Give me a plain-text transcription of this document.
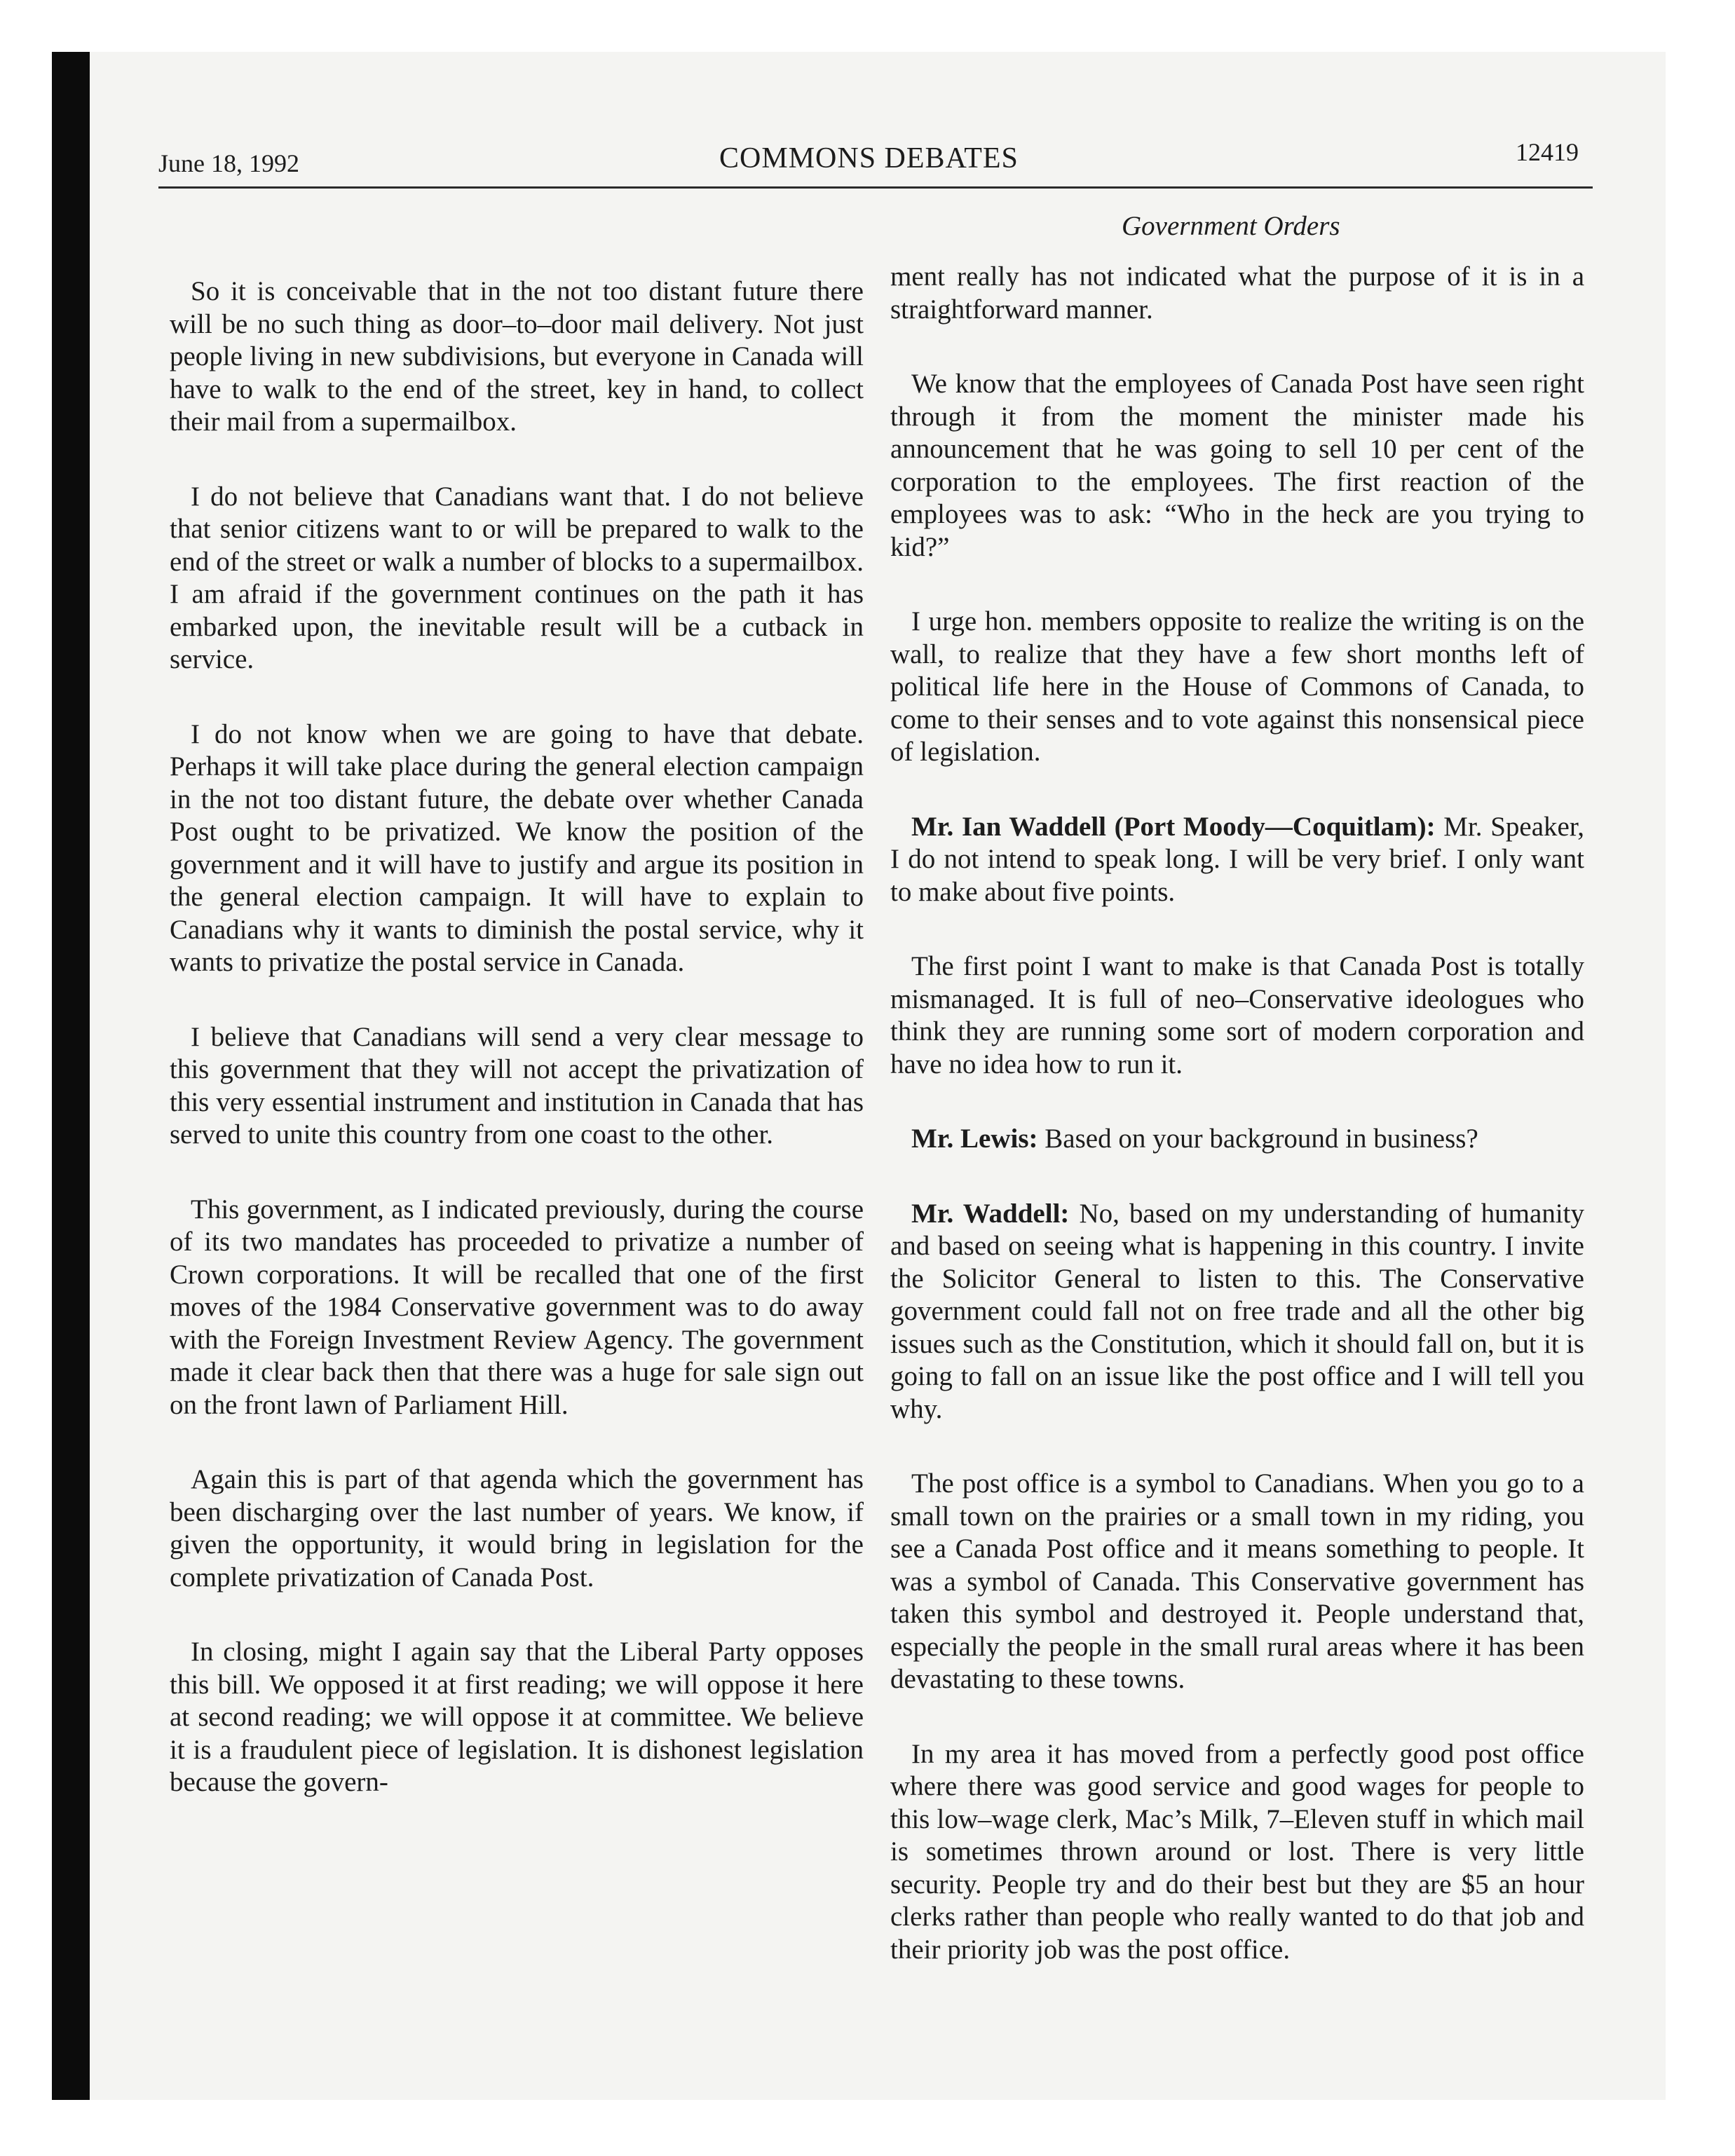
June 18, 1992	COMMONS DEBATES	12419
Government Orders

So it is conceivable that in the not too distant future there will be no such thing as door–to–door mail delivery. Not just people living in new subdivisions, but everyone in Canada will have to walk to the end of the street, key in hand, to collect their mail from a supermailbox.

I do not believe that Canadians want that. I do not believe that senior citizens want to or will be prepared to walk to the end of the street or walk a number of blocks to a supermailbox. I am afraid if the government continues on the path it has embarked upon, the inevitable result will be a cutback in service.

I do not know when we are going to have that debate. Perhaps it will take place during the general election campaign in the not too distant future, the debate over whether Canada Post ought to be privatized. We know the position of the government and it will have to justify and argue its position in the general election campaign. It will have to explain to Canadians why it wants to diminish the postal service, why it wants to privatize the postal service in Canada.

I believe that Canadians will send a very clear message to this government that they will not accept the privatization of this very essential instrument and institution in Canada that has served to unite this country from one coast to the other.

This government, as I indicated previously, during the course of its two mandates has proceeded to privatize a number of Crown corporations. It will be recalled that one of the first moves of the 1984 Conservative government was to do away with the Foreign Investment Review Agency. The government made it clear back then that there was a huge for sale sign out on the front lawn of Parliament Hill.

Again this is part of that agenda which the government has been discharging over the last number of years. We know, if given the opportunity, it would bring in legislation for the complete privatization of Canada Post.

In closing, might I again say that the Liberal Party opposes this bill. We opposed it at first reading; we will oppose it here at second reading; we will oppose it at committee. We believe it is a fraudulent piece of legislation. It is dishonest legislation because the govern-

ment really has not indicated what the purpose of it is in a straightforward manner.

We know that the employees of Canada Post have seen right through it from the moment the minister made his announcement that he was going to sell 10 per cent of the corporation to the employees. The first reaction of the employees was to ask: “Who in the heck are you trying to kid?”

I urge hon. members opposite to realize the writing is on the wall, to realize that they have a few short months left of political life here in the House of Commons of Canada, to come to their senses and to vote against this nonsensical piece of legislation.

Mr. Ian Waddell (Port Moody—Coquitlam): Mr. Speaker, I do not intend to speak long. I will be very brief. I only want to make about five points.

The first point I want to make is that Canada Post is totally mismanaged. It is full of neo–Conservative ideologues who think they are running some sort of modern corporation and have no idea how to run it.

Mr. Lewis: Based on your background in business?

Mr. Waddell: No, based on my understanding of humanity and based on seeing what is happening in this country. I invite the Solicitor General to listen to this. The Conservative government could fall not on free trade and all the other big issues such as the Constitution, which it should fall on, but it is going to fall on an issue like the post office and I will tell you why.

The post office is a symbol to Canadians. When you go to a small town on the prairies or a small town in my riding, you see a Canada Post office and it means something to people. It was a symbol of Canada. This Conservative government has taken this symbol and destroyed it. People understand that, especially the people in the small rural areas where it has been devastating to these towns.

In my area it has moved from a perfectly good post office where there was good service and good wages for people to this low–wage clerk, Mac’s Milk, 7–Eleven stuff in which mail is sometimes thrown around or lost. There is very little security. People try and do their best but they are $5 an hour clerks rather than people who really wanted to do that job and their priority job was the post office.
